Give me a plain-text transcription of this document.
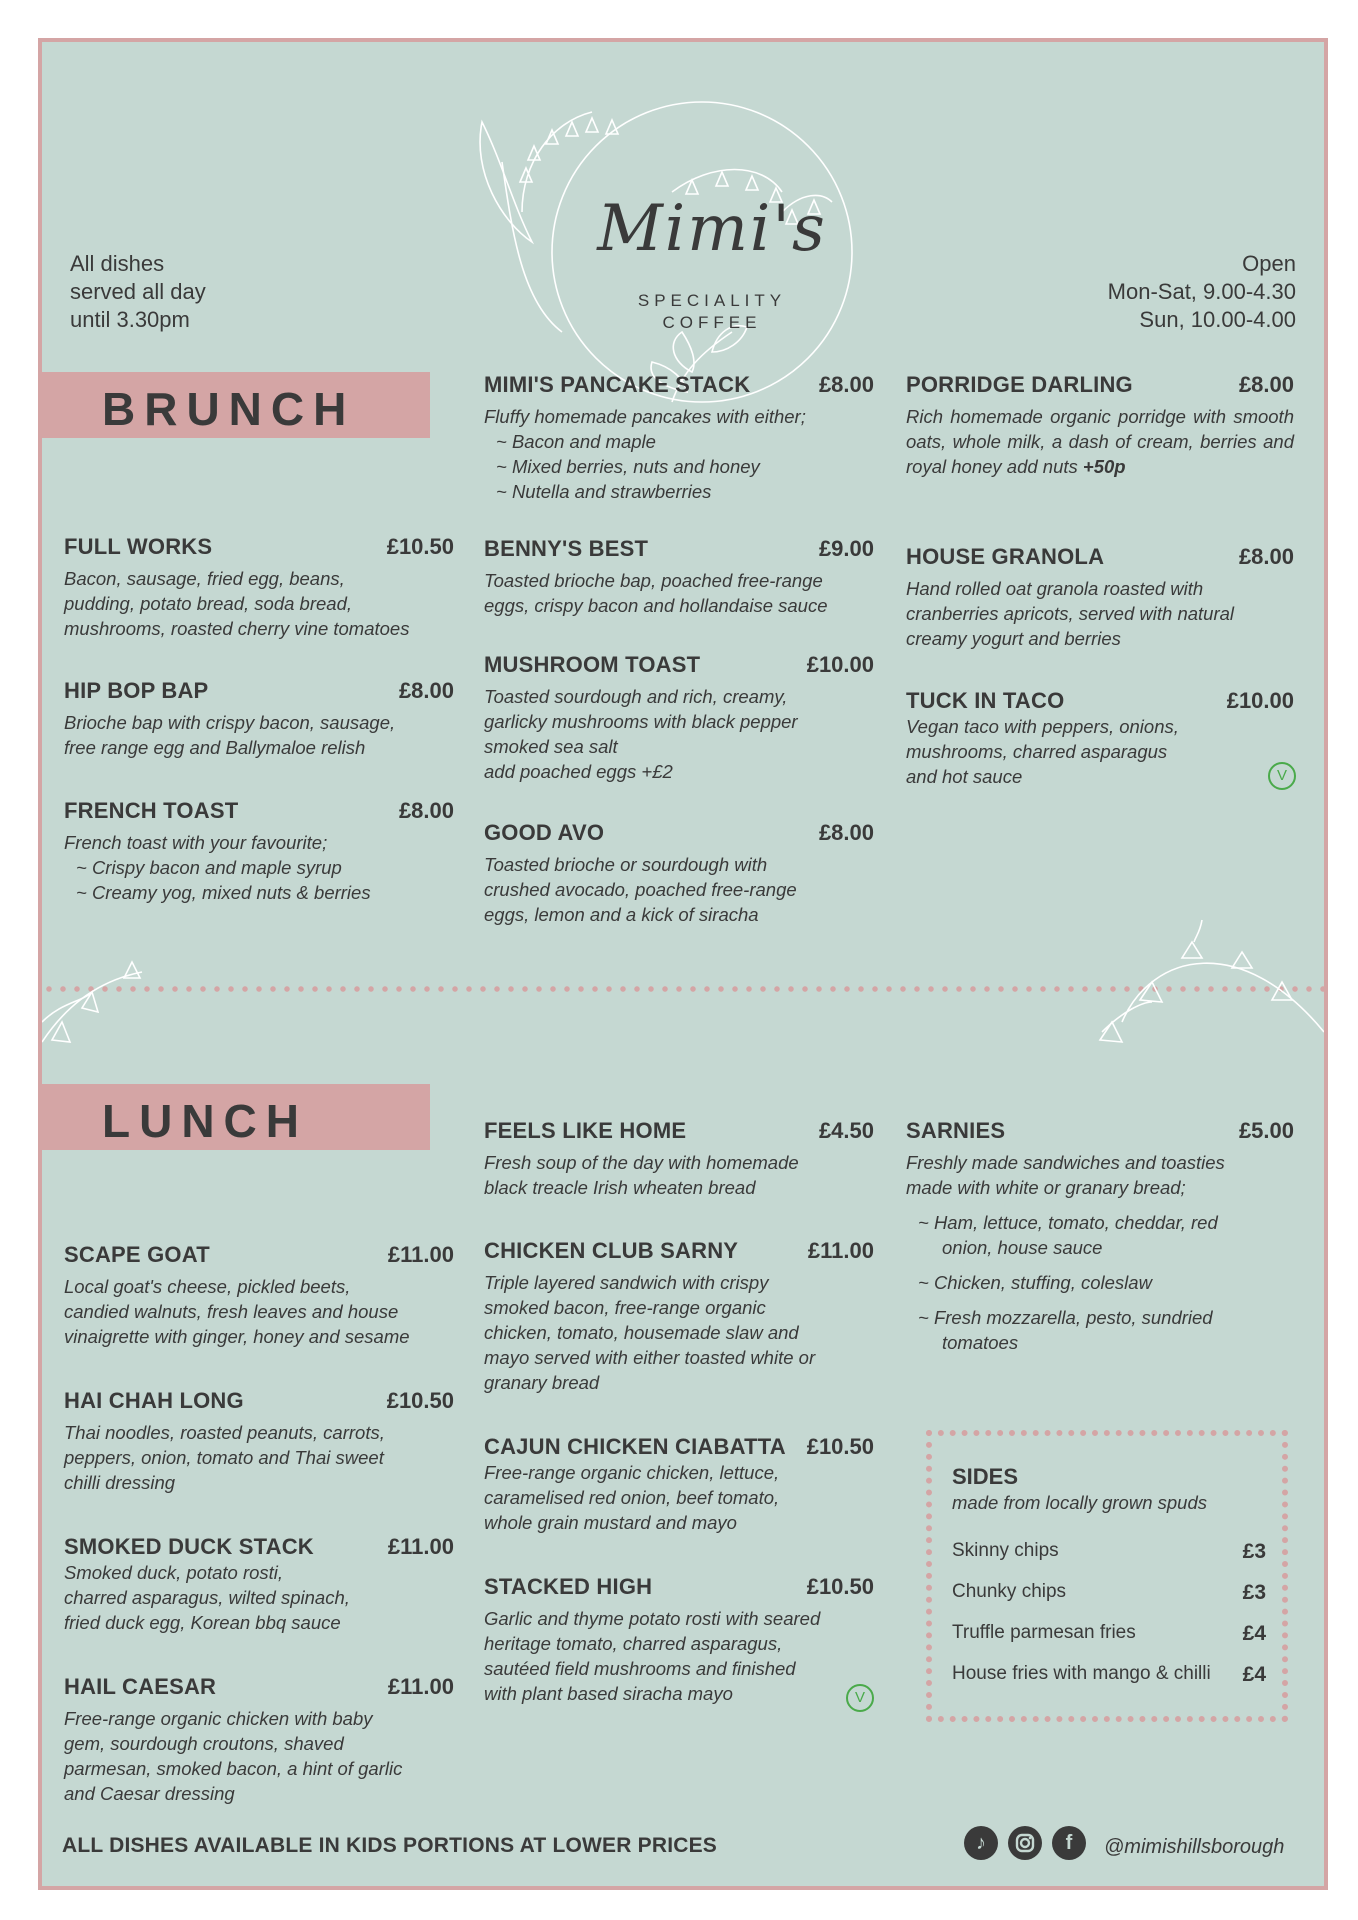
All dishes
served all day
until 3.30pm
Open
Mon-Sat, 9.00-4.30
Sun, 10.00-4.00
Mimi's
SPECIALITY
COFFEE
BRUNCH
FULL WORKS	£10.50
Bacon, sausage, fried egg, beans,
pudding, potato bread, soda bread,
mushrooms, roasted cherry vine tomatoes
HIP BOP BAP	£8.00
Brioche bap with crispy bacon, sausage,
free range egg and Ballymaloe relish
FRENCH TOAST	£8.00
French toast with your favourite;
~ Crispy bacon and maple syrup
~ Creamy yog, mixed nuts & berries
MIMI'S PANCAKE STACK	£8.00
Fluffy homemade pancakes with either;
~ Bacon and maple
~ Mixed berries, nuts and honey
~ Nutella and strawberries
BENNY'S BEST	£9.00
Toasted brioche bap, poached free-range
eggs, crispy bacon and hollandaise sauce
MUSHROOM TOAST	£10.00
Toasted sourdough and rich, creamy,
garlicky mushrooms with black pepper
smoked sea salt
add poached eggs +£2
GOOD AVO	£8.00
Toasted brioche or sourdough with
crushed avocado, poached free-range
eggs, lemon and a kick of siracha
PORRIDGE DARLING	£8.00
Rich homemade organic porridge with smooth oats, whole milk, a dash of cream, berries and royal honey add nuts +50p
HOUSE GRANOLA	£8.00
Hand rolled oat granola roasted with
cranberries apricots, served with natural
creamy yogurt and berries
TUCK IN TACO	£10.00
Vegan taco with peppers, onions,
mushrooms, charred asparagus
and hot sauce	V
LUNCH
SCAPE GOAT	£11.00
Local goat's cheese, pickled beets,
candied walnuts, fresh leaves and house
vinaigrette with ginger, honey and sesame
HAI CHAH LONG	£10.50
Thai noodles, roasted peanuts, carrots,
peppers, onion, tomato and Thai sweet
chilli dressing
SMOKED DUCK STACK	£11.00
Smoked duck, potato rosti,
charred asparagus, wilted spinach,
fried duck egg, Korean bbq sauce
HAIL CAESAR	£11.00
Free-range organic chicken with baby
gem, sourdough croutons, shaved
parmesan, smoked bacon, a hint of garlic
and Caesar dressing
FEELS LIKE HOME	£4.50
Fresh soup of the day with homemade
black treacle Irish wheaten bread
CHICKEN CLUB SARNY	£11.00
Triple layered sandwich with crispy
smoked bacon, free-range organic
chicken, tomato, housemade slaw and
mayo served with either toasted white or
granary bread
CAJUN CHICKEN CIABATTA £10.50
Free-range organic chicken, lettuce,
caramelised red onion, beef tomato,
whole grain mustard and mayo
STACKED HIGH	£10.50
Garlic and thyme potato rosti with seared
heritage tomato, charred asparagus,
sautéed field mushrooms and finished
with plant based siracha mayo	V
SARNIES	£5.00
Freshly made sandwiches and toasties
made with white or granary bread;
~ Ham, lettuce, tomato, cheddar, red
onion, house sauce
~ Chicken, stuffing, coleslaw
~ Fresh mozzarella, pesto, sundried
tomatoes
SIDES
made from locally grown spuds
Skinny chips	£3
Chunky chips	£3
Truffle parmesan fries	£4
House fries with mango & chilli £4
ALL DISHES AVAILABLE IN KIDS PORTIONS AT LOWER PRICES	♪	f	@mimishillsborough
